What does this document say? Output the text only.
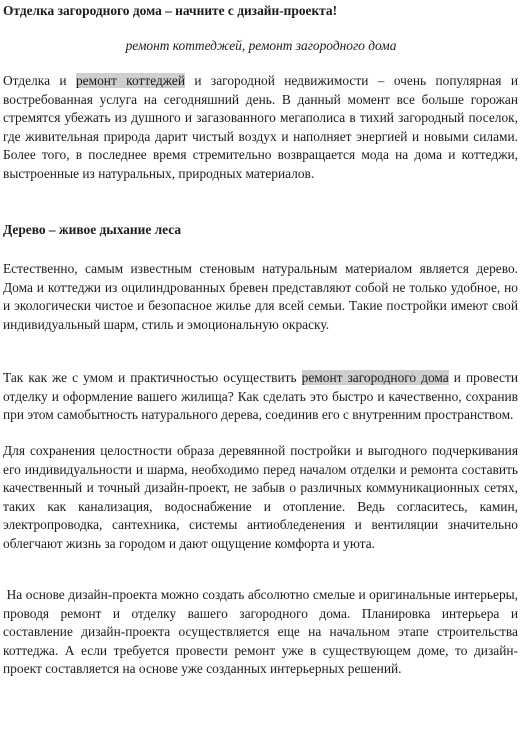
Отделка загородного дома – начните с дизайн-проекта!

ремонт коттеджей, ремонт загородного дома

Отделка и ремонт коттеджей и загородной недвижимости – очень популярная и востребованная услуга на сегодняшний день. В данный момент все больше горожан стремятся убежать из душного и загазованного мегаполиса в тихий загородный поселок, где живительная природа дарит чистый воздух и наполняет энергией и новыми силами. Более того, в последнее время стремительно возвращается мода на дома и коттеджи, выстроенные из натуральных, природных материалов.

Дерево – живое дыхание леса

Естественно, самым известным стеновым натуральным материалом является дерево. Дома и коттеджи из оцилиндрованных бревен представляют собой не только удобное, но и экологически чистое и безопасное жилье для всей семьи. Такие постройки имеют свой индивидуальный шарм, стиль и эмоциональную окраску.

Так как же с умом и практичностью осуществить ремонт загородного дома и провести отделку и оформление вашего жилища? Как сделать это быстро и качественно, сохранив при этом самобытность натурального дерева, соединив его с внутренним пространством.

Для сохранения целостности образа деревянной постройки и выгодного подчеркивания его индивидуальности и шарма, необходимо перед началом отделки и ремонта составить качественный и точный дизайн-проект, не забыв о различных коммуникационных сетях, таких как канализация, водоснабжение и отопление. Ведь согласитесь, камин, электропроводка, сантехника, системы антиобледенения и вентиляции значительно облегчают жизнь за городом и дают ощущение комфорта и уюта.

На основе дизайн-проекта можно создать абсолютно смелые и оригинальные интерьеры, проводя ремонт и отделку вашего загородного дома. Планировка интерьера и составление дизайн-проекта осуществляется еще на начальном этапе строительства коттеджа. А если требуется провести ремонт уже в существующем доме, то дизайн-проект составляется на основе уже созданных интерьерных решений.
